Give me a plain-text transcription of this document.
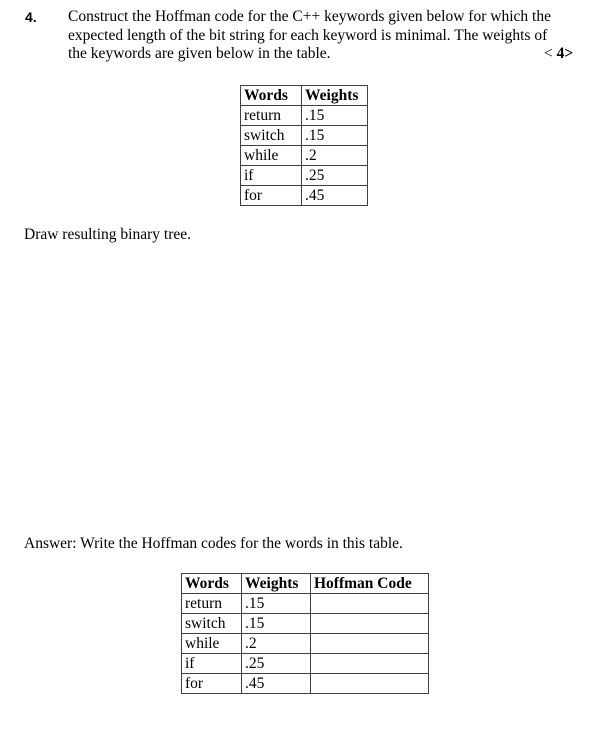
4. Construct the Hoffman code for the C++ keywords given below for which the
expected length of the bit string for each keyword is minimal. The weights of
the keywords are given below in the table.	< 4>
Words	Weights
return	.15
switch	.15
while	.2
if	.25
for	.45
Draw resulting binary tree.
Answer: Write the Hoffman codes for the words in this table.
Words	Weights	Hoffman Code
return	.15	
switch	.15	
while	.2	
if	.25	
for	.45	
